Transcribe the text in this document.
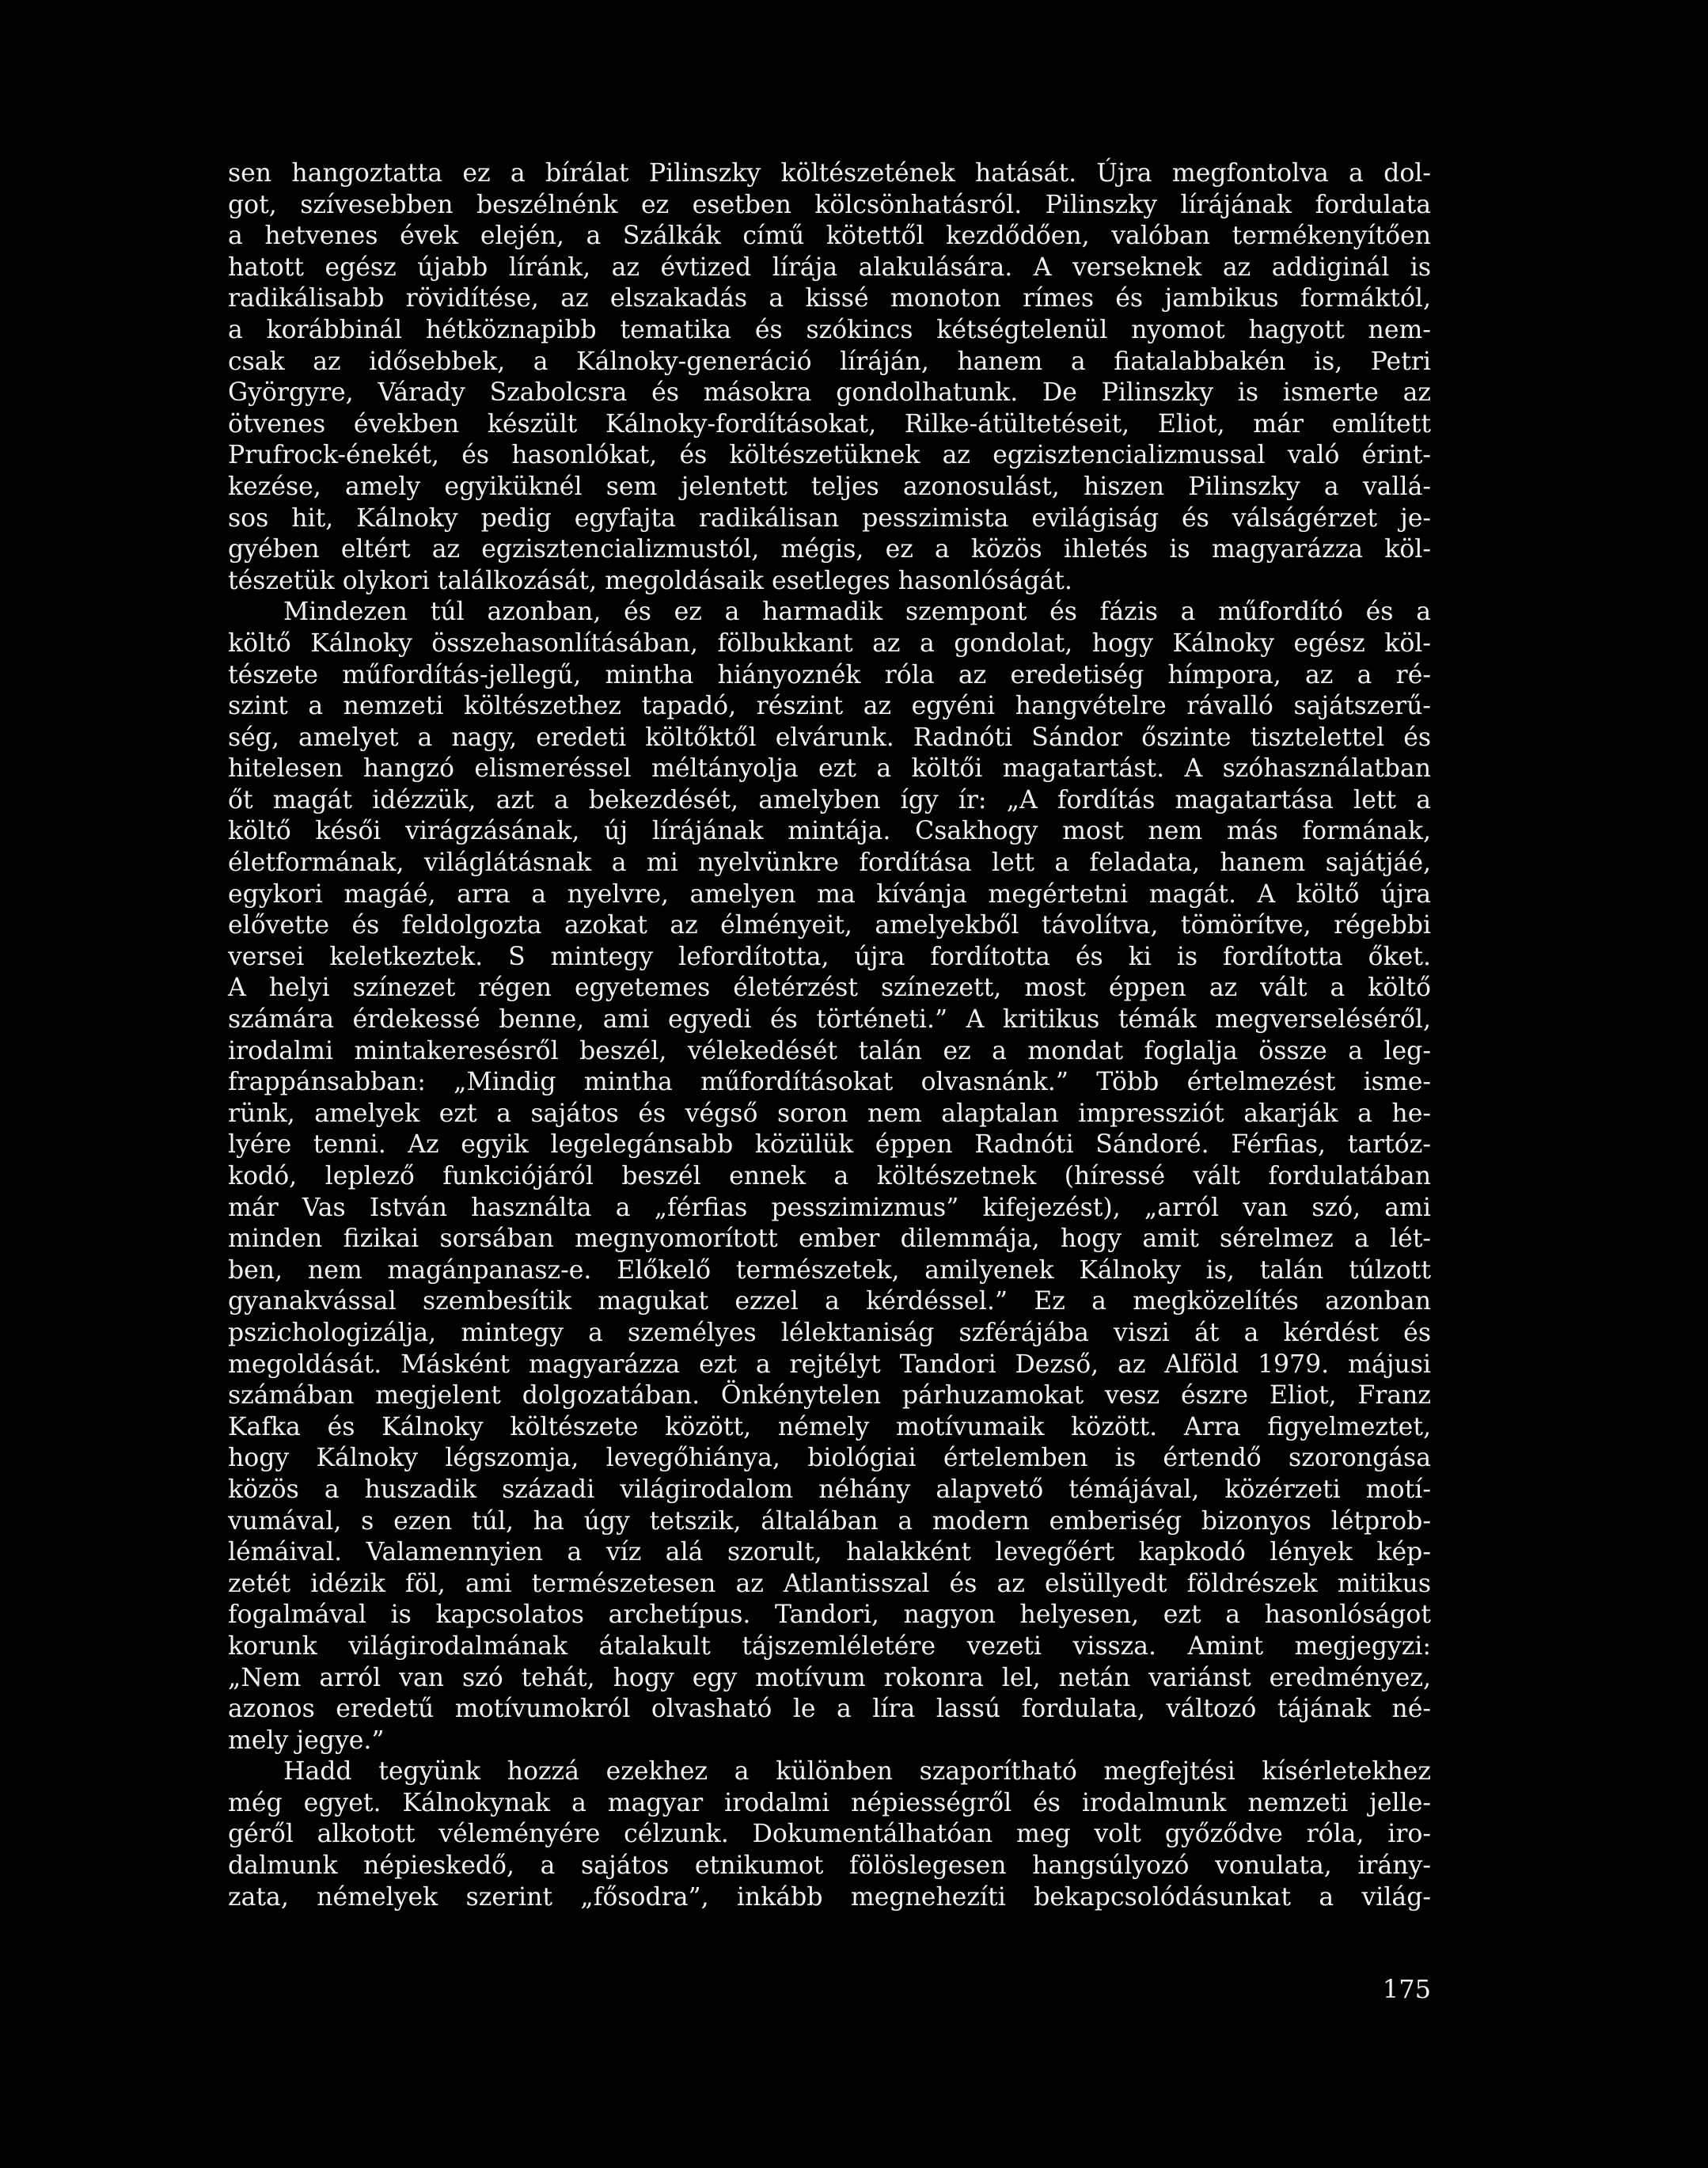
sen hangoztatta ez a bírálat Pilinszky költészetének hatását. Újra megfontolva a dol-
got, szívesebben beszélnénk ez esetben kölcsönhatásról. Pilinszky lírájának fordulata
a hetvenes évek elején, a Szálkák című kötettől kezdődően, valóban termékenyítően
hatott egész újabb líránk, az évtized lírája alakulására. A verseknek az addiginál is
radikálisabb rövidítése, az elszakadás a kissé monoton rímes és jambikus formáktól,
a korábbinál hétköznapibb tematika és szókincs kétségtelenül nyomot hagyott nem-
csak az idősebbek, a Kálnoky-generáció líráján, hanem a fiatalabbakén is, Petri
Györgyre, Várady Szabolcsra és másokra gondolhatunk. De Pilinszky is ismerte az
ötvenes években készült Kálnoky-fordításokat, Rilke-átültetéseit, Eliot, már említett
Prufrock-énekét, és hasonlókat, és költészetüknek az egzisztencializmussal való érint-
kezése, amely egyiküknél sem jelentett teljes azonosulást, hiszen Pilinszky a vallá-
sos hit, Kálnoky pedig egyfajta radikálisan pesszimista evilágiság és válságérzet je-
gyében eltért az egzisztencializmustól, mégis, ez a közös ihletés is magyarázza köl-
tészetük olykori találkozását, megoldásaik esetleges hasonlóságát.
Mindezen túl azonban, és ez a harmadik szempont és fázis a műfordító és a
költő Kálnoky összehasonlításában, fölbukkant az a gondolat, hogy Kálnoky egész köl-
tészete műfordítás-jellegű, mintha hiányoznék róla az eredetiség hímpora, az a ré-
szint a nemzeti költészethez tapadó, részint az egyéni hangvételre rávalló sajátszerű-
ség, amelyet a nagy, eredeti költőktől elvárunk. Radnóti Sándor őszinte tisztelettel és
hitelesen hangzó elismeréssel méltányolja ezt a költői magatartást. A szóhasználatban
őt magát idézzük, azt a bekezdését, amelyben így ír: „A fordítás magatartása lett a
költő késői virágzásának, új lírájának mintája. Csakhogy most nem más formának,
életformának, világlátásnak a mi nyelvünkre fordítása lett a feladata, hanem sajátjáé,
egykori magáé, arra a nyelvre, amelyen ma kívánja megértetni magát. A költő újra
elővette és feldolgozta azokat az élményeit, amelyekből távolítva, tömörítve, régebbi
versei keletkeztek. S mintegy lefordította, újra fordította és ki is fordította őket.
A helyi színezet régen egyetemes életérzést színezett, most éppen az vált a költő
számára érdekessé benne, ami egyedi és történeti.” A kritikus témák megverseléséről,
irodalmi mintakeresésről beszél, vélekedését talán ez a mondat foglalja össze a leg-
frappánsabban: „Mindig mintha műfordításokat olvasnánk.” Több értelmezést isme-
rünk, amelyek ezt a sajátos és végső soron nem alaptalan impressziót akarják a he-
lyére tenni. Az egyik legelegánsabb közülük éppen Radnóti Sándoré. Férfias, tartóz-
kodó, leplező funkciójáról beszél ennek a költészetnek (híressé vált fordulatában
már Vas István használta a „férfias pesszimizmus” kifejezést), „arról van szó, ami
minden fizikai sorsában megnyomorított ember dilemmája, hogy amit sérelmez a lét-
ben, nem magánpanasz-e. Előkelő természetek, amilyenek Kálnoky is, talán túlzott
gyanakvással szembesítik magukat ezzel a kérdéssel.” Ez a megközelítés azonban
pszichologizálja, mintegy a személyes lélektaniság szférájába viszi át a kérdést és
megoldását. Másként magyarázza ezt a rejtélyt Tandori Dezső, az Alföld 1979. májusi
számában megjelent dolgozatában. Önkénytelen párhuzamokat vesz észre Eliot, Franz
Kafka és Kálnoky költészete között, némely motívumaik között. Arra figyelmeztet,
hogy Kálnoky légszomja, levegőhiánya, biológiai értelemben is értendő szorongása
közös a huszadik századi világirodalom néhány alapvető témájával, közérzeti motí-
vumával, s ezen túl, ha úgy tetszik, általában a modern emberiség bizonyos létprob-
lémáival. Valamennyien a víz alá szorult, halakként levegőért kapkodó lények kép-
zetét idézik föl, ami természetesen az Atlantisszal és az elsüllyedt földrészek mitikus
fogalmával is kapcsolatos archetípus. Tandori, nagyon helyesen, ezt a hasonlóságot
korunk világirodalmának átalakult tájszemléletére vezeti vissza. Amint megjegyzi:
„Nem arról van szó tehát, hogy egy motívum rokonra lel, netán variánst eredményez,
azonos eredetű motívumokról olvasható le a líra lassú fordulata, változó tájának né-
mely jegye.”
Hadd tegyünk hozzá ezekhez a különben szaporítható megfejtési kísérletekhez
még egyet. Kálnokynak a magyar irodalmi népiességről és irodalmunk nemzeti jelle-
géről alkotott véleményére célzunk. Dokumentálhatóan meg volt győződve róla, iro-
dalmunk népieskedő, a sajátos etnikumot fölöslegesen hangsúlyozó vonulata, irány-
zata, némelyek szerint „fősodra”, inkább megnehezíti bekapcsolódásunkat a világ-
175
